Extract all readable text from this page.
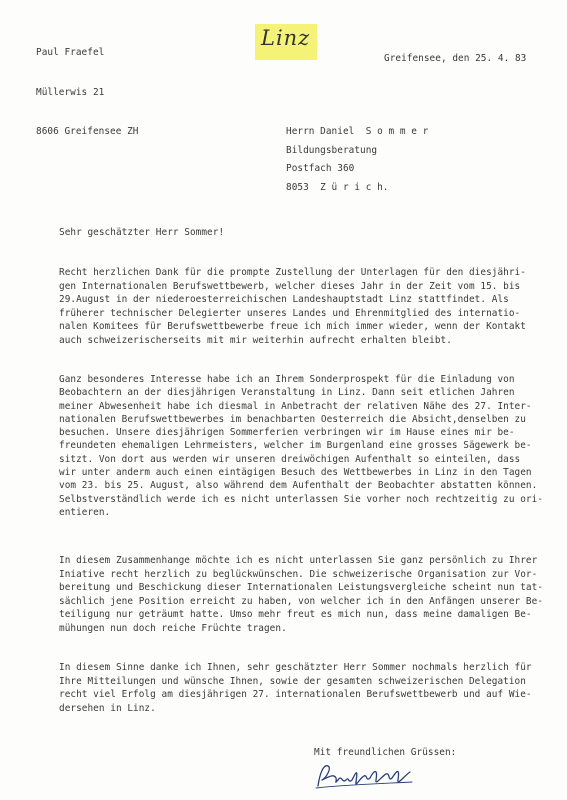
Paul Fraefel

Müllerwis 21

8606 Greifensee ZH

Linz
Greifensee, den 25. 4. 83
Herrn Daniel  S o m m e r
Bildungsberatung
Postfach 360
8053  Z ü r i c h.
Sehr geschätzter Herr Sommer!
Recht herzlichen Dank für die prompte Zustellung der Unterlagen für den diesjähri-
gen Internationalen Berufswettbewerb, welcher dieses Jahr in der Zeit vom 15. bis
29.August in der niederoesterreichischen Landeshauptstadt Linz stattfindet. Als
früherer technischer Delegierter unseres Landes und Ehrenmitglied des internatio-
nalen Komitees für Berufswettbewerbe freue ich mich immer wieder, wenn der Kontakt
auch schweizerischerseits mit mir weiterhin aufrecht erhalten bleibt.
Ganz besonderes Interesse habe ich an Ihrem Sonderprospekt für die Einladung von
Beobachtern an der diesjährigen Veranstaltung in Linz. Dann seit etlichen Jahren
meiner Abwesenheit habe ich diesmal in Anbetracht der relativen Nähe des 27. Inter-
nationalen Berufswettbewerbes im benachbarten Oesterreich die Absicht,denselben zu
besuchen. Unsere diesjährigen Sommerferien verbringen wir im Hause eines mir be-
freundeten ehemaligen Lehrmeisters, welcher im Burgenland eine grosses Sägewerk be-
sitzt. Von dort aus werden wir unseren dreiwöchigen Aufenthalt so einteilen, dass
wir unter anderm auch einen eintägigen Besuch des Wettbewerbes in Linz in den Tagen
vom 23. bis 25. August, also während dem Aufenthalt der Beobachter abstatten können.
Selbstverständlich werde ich es nicht unterlassen Sie vorher noch rechtzeitig zu ori-
entieren.
In diesem Zusammenhange möchte ich es nicht unterlassen Sie ganz persönlich zu Ihrer
Iniative recht herzlich zu beglückwünschen. Die schweizerische Organisation zur Vor-
bereitung und Beschickung dieser Internationalen Leistungsvergleiche scheint nun tat-
sächlich jene Position erreicht zu haben, von welcher ich in den Anfängen unserer Be-
teiligung nur geträumt hatte. Umso mehr freut es mich nun, dass meine damaligen Be-
mühungen nun doch reiche Früchte tragen.
In diesem Sinne danke ich Ihnen, sehr geschätzter Herr Sommer nochmals herzlich für
Ihre Mitteilungen und wünsche Ihnen, sowie der gesamten schweizerischen Delegation
recht viel Erfolg am diesjährigen 27. internationalen Berufswettbewerb und auf Wie-
dersehen in Linz.
Mit freundlichen Grüssen:
